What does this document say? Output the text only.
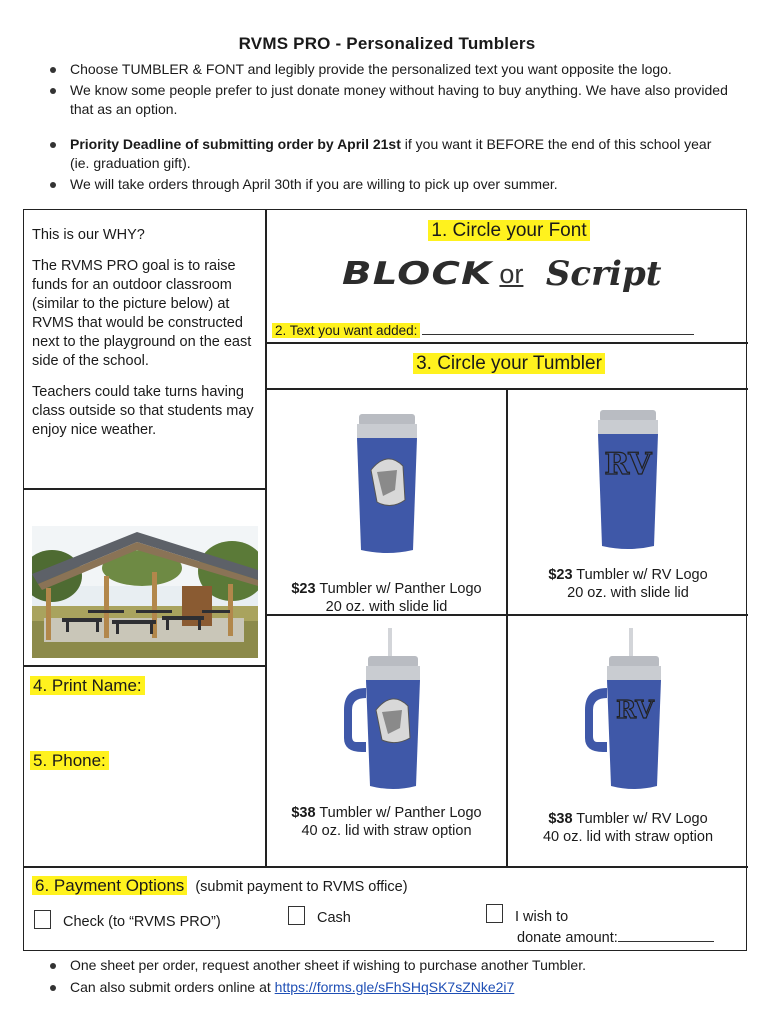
RVMS PRO - Personalized Tumblers
Choose TUMBLER & FONT and legibly provide the personalized text you want opposite the logo.
We know some people prefer to just donate money without having to buy anything. We have also provided that as an option.
Priority Deadline of submitting order by April 21st if you want it BEFORE the end of this school year (ie. graduation gift).
We will take orders through April 30th if you are willing to pick up over summer.

This is our WHY?

The RVMS PRO goal is to raise funds for an outdoor classroom (similar to the picture below) at RVMS that would be constructed next to the playground on the east side of the school.

Teachers could take turns having class outside so that students may enjoy nice weather.

1. Circle your Font
BLOCK or Script
2. Text you want added:
3. Circle your Tumbler
$23 Tumbler w/ Panther Logo
20 oz. with slide lid
RV
$23 Tumbler w/ RV Logo
20 oz. with slide lid
$38 Tumbler w/ Panther Logo
40 oz. lid with straw option
RV
$38 Tumbler w/ RV Logo
40 oz. lid with straw option
4. Print Name:
5. Phone:
6. Payment Options (submit payment to RVMS office)
Check (to “RVMS PRO”)	Cash	I wish to
donate amount:
One sheet per order, request another sheet if wishing to purchase another Tumbler.
Can also submit orders online at https://forms.gle/sFhSHqSK7sZNke2i7
